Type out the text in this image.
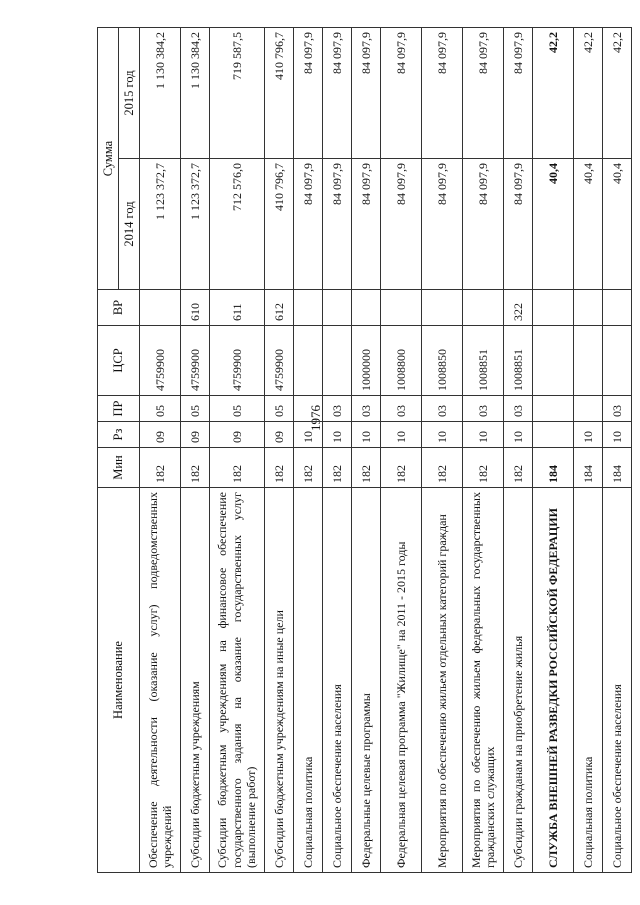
1976
Наименование	Мин	Рз	ПР	ЦСР	ВР	Сумма	
						2014 год	2015 год
Обеспечение деятельности (оказание услуг) подведомственных учреждений	182	09	05	4759900		1 123 372,7	1 130 384,2
Субсидии бюджетным учреждениям	182	09	05	4759900	610	1 123 372,7	1 130 384,2
Субсидии бюджетным учреждениям на финансовое обеспечение государственного задания на оказание государственных услуг (выполнение работ)	182	09	05	4759900	611	712 576,0	719 587,5
Субсидии бюджетным учреждениям на иные цели	182	09	05	4759900	612	410 796,7	410 796,7
Социальная политика	182	10				84 097,9	84 097,9
Социальное обеспечение населения	182	10	03			84 097,9	84 097,9
Федеральные целевые программы	182	10	03	1000000		84 097,9	84 097,9
Федеральная целевая программа "Жилище" на 2011 - 2015 годы	182	10	03	1008800		84 097,9	84 097,9
Мероприятия по обеспечению жильем отдельных категорий граждан	182	10	03	1008850		84 097,9	84 097,9
Мероприятия по обеспечению жильем федеральных государственных гражданских служащих	182	10	03	1008851		84 097,9	84 097,9
Субсидии гражданам на приобретение жилья	182	10	03	1008851	322	84 097,9	84 097,9
СЛУЖБА ВНЕШНЕЙ РАЗВЕДКИ РОССИЙСКОЙ ФЕДЕРАЦИИ	184					40,4	42,2
Социальная политика	184	10				40,4	42,2
Социальное обеспечение населения	184	10	03			40,4	42,2
